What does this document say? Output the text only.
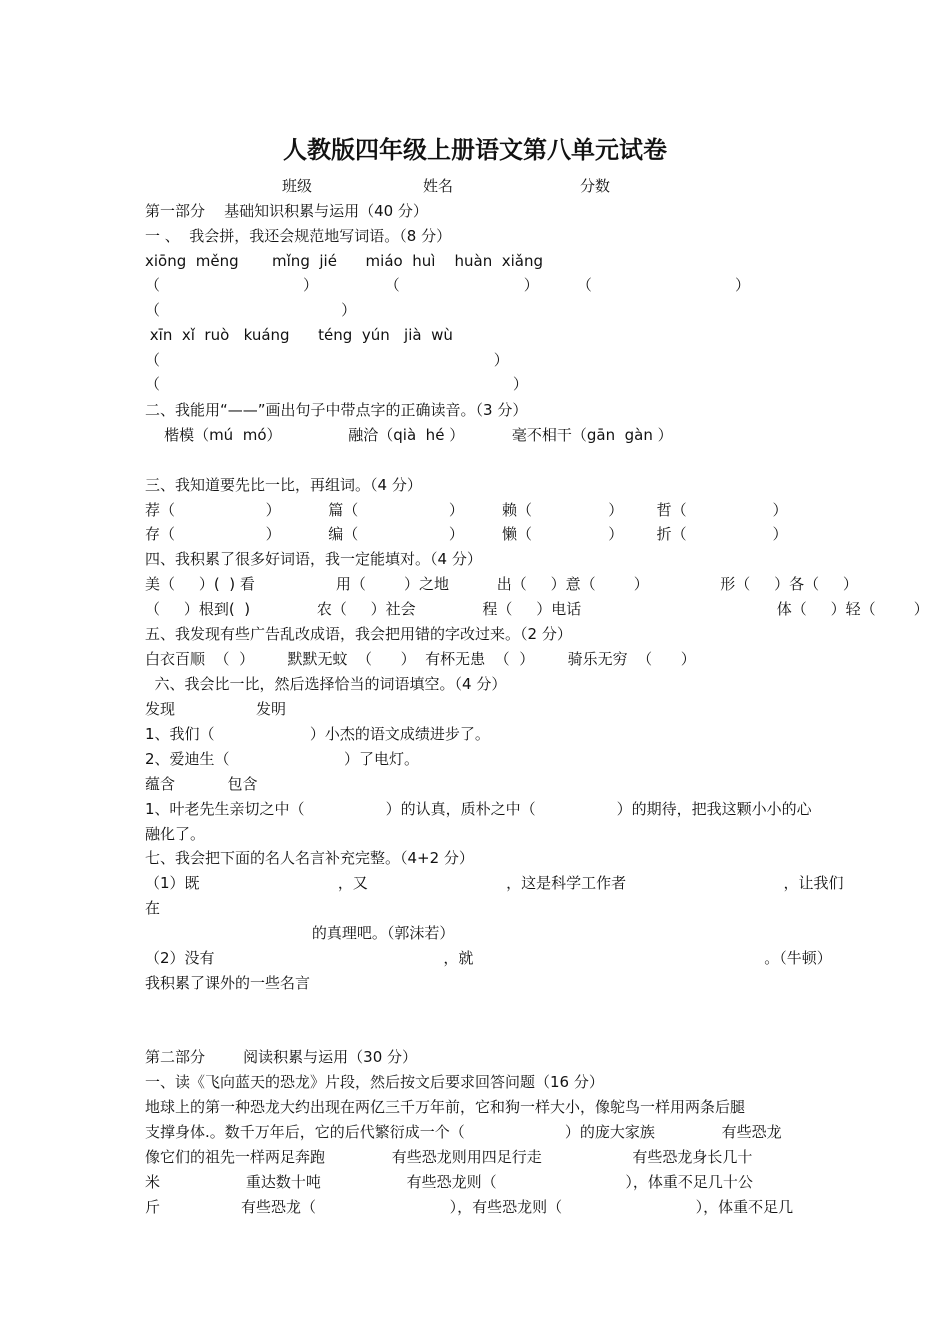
人教版四年级上册语文第八单元试卷
班级	姓名	分数
第一部分    基础知识积累与运用（40 分）
一 、  我会拼，我还会规范地写词语。（8 分）
xiōng  měng       mǐng  jié      miáo  huì    huàn  xiǎng
（                              ）              （                          ）        （                              ）
（                                      ）
xīn  xǐ  ruò   kuáng      téng  yún   jià  wù
（                                                                      ）
（                                                                          ）
二、我能用“——”画出句子中带点字的正确读音。（3 分）
楷模（mú  mó）              融洽（qià  hé ）          毫不相干（gān  gàn ）
三、我知道要先比一比，再组词。（4 分）
荐（                   ）          篇（                   ）        赖（                ）       哲（                  ）
存（                   ）          编（                   ）        懒（                ）       折（                  ）
四、我积累了很多好词语，我一定能填对。（4 分）
美（     ）(  ) 看                 用（        ）之地          出（     ）意（        ）               形（     ）各（     ）
（     ）根到(  )              农（     ）社会              程（     ）电话                                         体（     ）轻（        ）
五、我发现有些广告乱改成语，我会把用错的字改过来。（2 分）
白衣百顺  （  ）       默默无蚊  （      ）  有杯无患  （  ）       骑乐无穷  （      ）
六、我会比一比，然后选择恰当的词语填空。（4 分）
发现                 发明
1、我们（                    ）小杰的语文成绩进步了。
2、爱迪生（                        ）了电灯。
蕴含           包含
1、叶老先生亲切之中（                 ）的认真，质朴之中（                 ）的期待，把我这颗小小的心
融化了。
七、我会把下面的名人名言补充完整。（4+2 分）
（1）既                             ，又                             ，这是科学工作者                                 ，让我们
在
的真理吧。（郭沫若）
（2）没有                                                ，就                                                             。（牛顿）
我积累了课外的一些名言
第二部分        阅读积累与运用（30 分）
一、读《飞向蓝天的恐龙》片段，然后按文后要求回答问题（16 分）
地球上的第一种恐龙大约出现在两亿三千万年前，它和狗一样大小，像鸵鸟一样用两条后腿
支撑身体.。数千万年后，它的后代繁衍成一个（                     ）的庞大家族              有些恐龙
像它们的祖先一样两足奔跑              有些恐龙则用四足行走                   有些恐龙身长几十
米                  重达数十吨                  有些恐龙则（                           ），体重不足几十公
斤                 有些恐龙（                            ），有些恐龙则（                            ），体重不足几
